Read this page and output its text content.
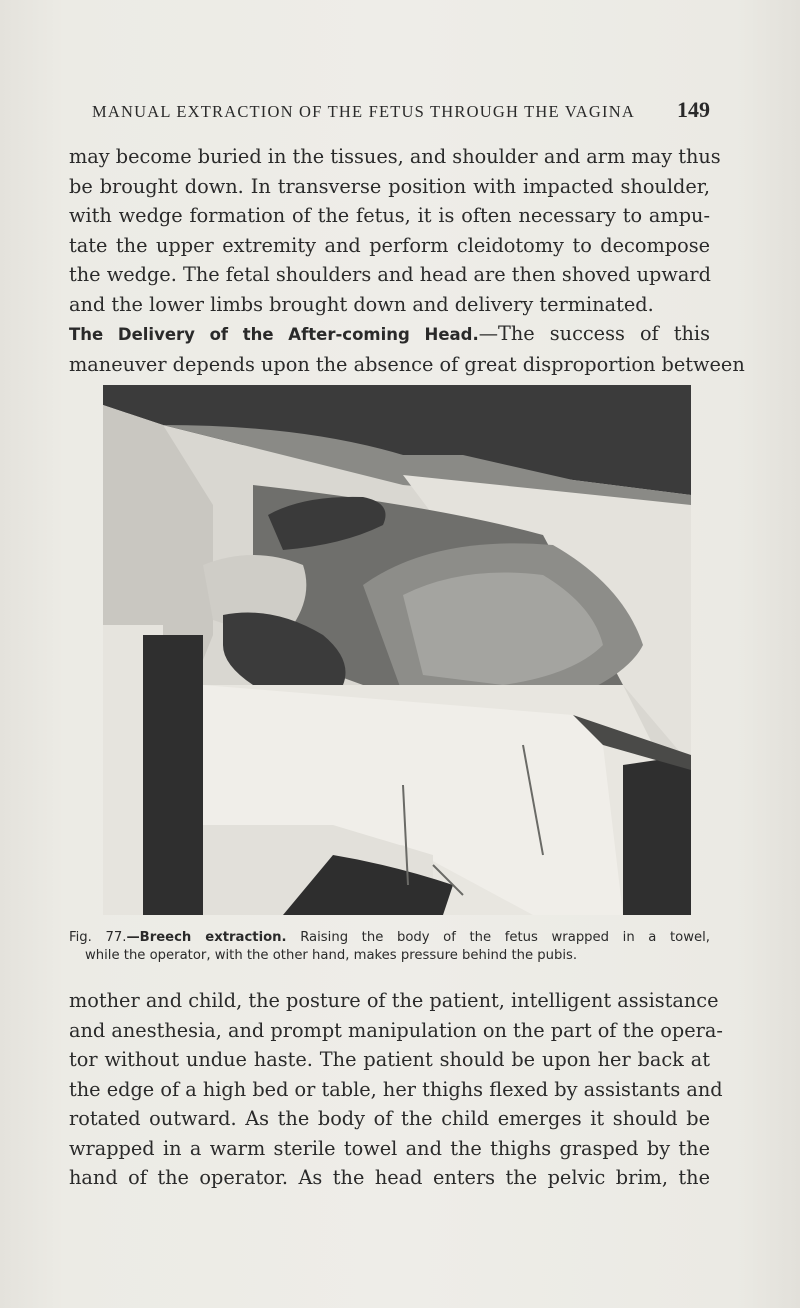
MANUAL EXTRACTION OF THE FETUS THROUGH THE VAGINA 149
may become buried in the tissues, and shoulder and arm may thus
be brought down. In transverse position with impacted shoulder,
with wedge formation of the fetus, it is often necessary to ampu-
tate the upper extremity and perform cleidotomy to decompose
the wedge. The fetal shoulders and head are then shoved upward
and the lower limbs brought down and delivery terminated.
The Delivery of the After-coming Head.—The success of this
maneuver depends upon the absence of great disproportion between
Fig. 77.—Breech extraction. Raising the body of the fetus wrapped in a towel,
while the operator, with the other hand, makes pressure behind the pubis.
mother and child, the posture of the patient, intelligent assistance
and anesthesia, and prompt manipulation on the part of the opera-
tor without undue haste. The patient should be upon her back at
the edge of a high bed or table, her thighs flexed by assistants and
rotated outward. As the body of the child emerges it should be
wrapped in a warm sterile towel and the thighs grasped by the
hand of the operator. As the head enters the pelvic brim, the
